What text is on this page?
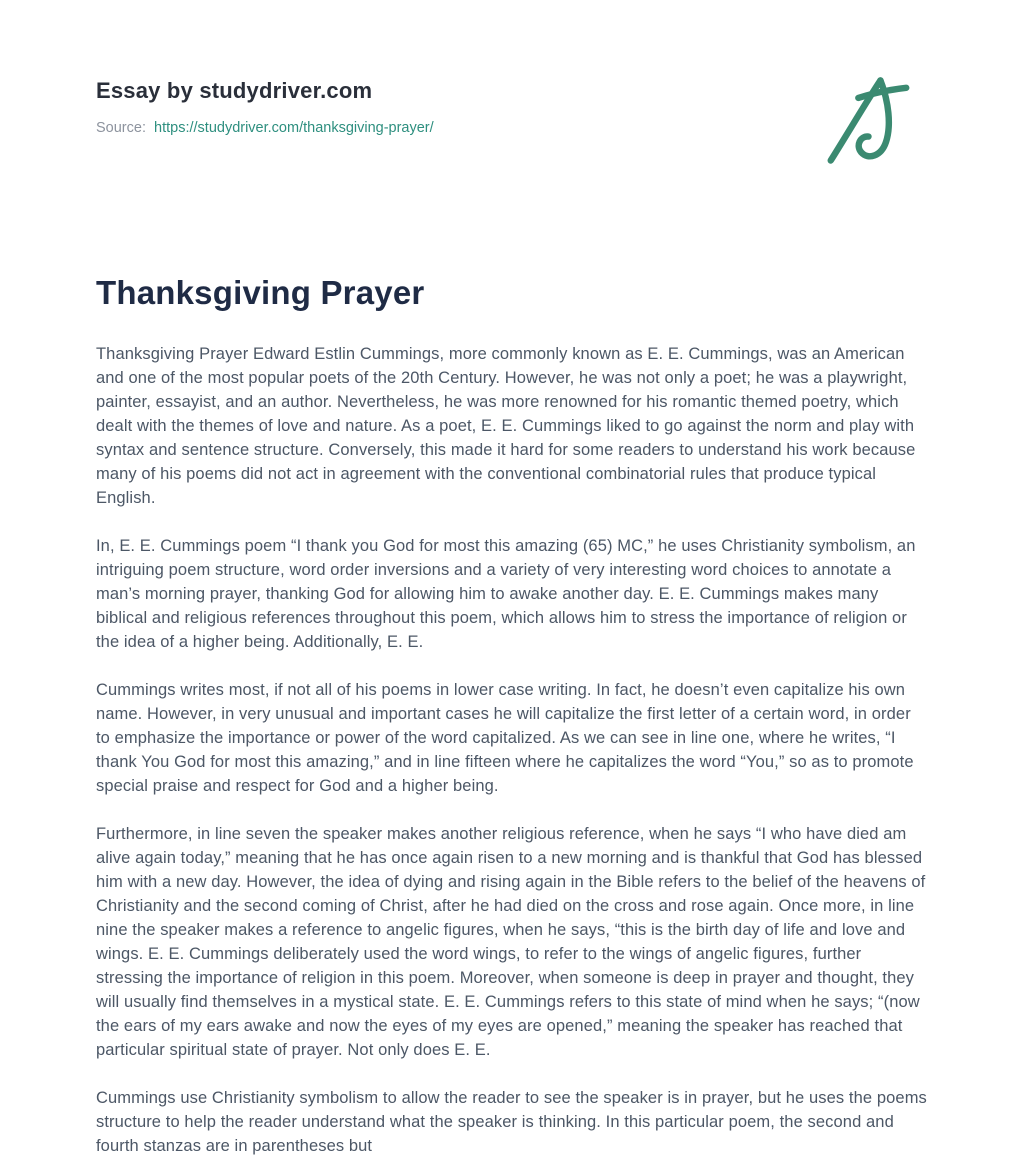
Essay by studydriver.com
Source: https://studydriver.com/thanksgiving-prayer/
Thanksgiving Prayer

Thanksgiving Prayer Edward Estlin Cummings, more commonly known as E. E. Cummings, was an American and one of the most popular poets of the 20th Century. However, he was not only a poet; he was a playwright, painter, essayist, and an author. Nevertheless, he was more renowned for his romantic themed poetry, which dealt with the themes of love and nature. As a poet, E. E. Cummings liked to go against the norm and play with syntax and sentence structure. Conversely, this made it hard for some readers to understand his work because many of his poems did not act in agreement with the conventional combinatorial rules that produce typical English.

In, E. E. Cummings poem “I thank you God for most this amazing (65) MC,” he uses Christianity symbolism, an intriguing poem structure, word order inversions and a variety of very interesting word choices to annotate a man’s morning prayer, thanking God for allowing him to awake another day. E. E. Cummings makes many biblical and religious references throughout this poem, which allows him to stress the importance of religion or the idea of a higher being. Additionally, E. E.

Cummings writes most, if not all of his poems in lower case writing. In fact, he doesn’t even capitalize his own name. However, in very unusual and important cases he will capitalize the first letter of a certain word, in order to emphasize the importance or power of the word capitalized. As we can see in line one, where he writes, “I thank You God for most this amazing,” and in line fifteen where he capitalizes the word “You,” so as to promote special praise and respect for God and a higher being.

Furthermore, in line seven the speaker makes another religious reference, when he says “I who have died am alive again today,” meaning that he has once again risen to a new morning and is thankful that God has blessed him with a new day. However, the idea of dying and rising again in the Bible refers to the belief of the heavens of Christianity and the second coming of Christ, after he had died on the cross and rose again. Once more, in line nine the speaker makes a reference to angelic figures, when he says, “this is the birth day of life and love and wings. E. E. Cummings deliberately used the word wings, to refer to the wings of angelic figures, further stressing the importance of religion in this poem. Moreover, when someone is deep in prayer and thought, they will usually find themselves in a mystical state. E. E. Cummings refers to this state of mind when he says; “(now the ears of my ears awake and now the eyes of my eyes are opened,” meaning the speaker has reached that particular spiritual state of prayer. Not only does E. E.

Cummings use Christianity symbolism to allow the reader to see the speaker is in prayer, but he uses the poems structure to help the reader understand what the speaker is thinking. In this particular poem, the second and fourth stanzas are in parentheses but
